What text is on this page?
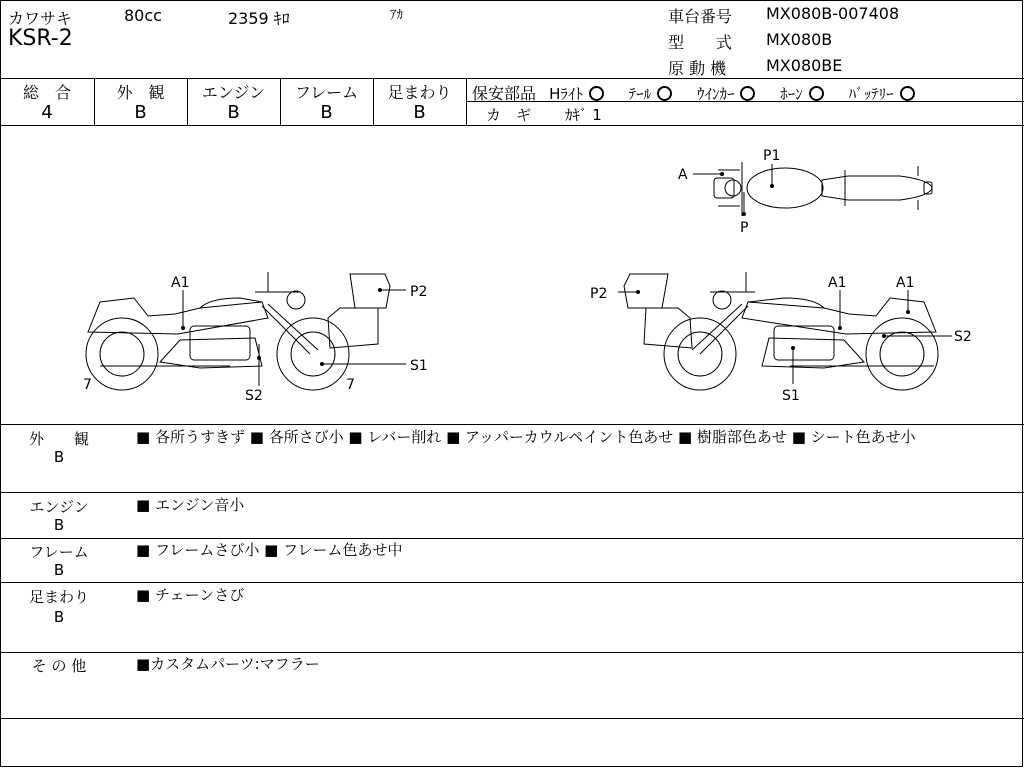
カワサキ	80cc	2359 ｷﾛ	ｱｶ
KSR-2
車台番号 MX080B-007408
型　　式 MX080B
原 動 機 MX080BE
総　合
4
外　観
B
エンジン
B
フレーム
B
足まわり
B
保安部品 Hﾗｲﾄ	ﾃｰﾙ	ｳｲﾝｶｰ	ﾎｰﾝ	ﾊﾞｯﾃﾘｰ
カ　ギ ｶｷﾞ 1
P1
A
P
A1
P2
7
S2
7
S1
P2
A1	A1
S2
S1
外　　観
B
■ 各所うすきず ■ 各所さび小 ■ レバー削れ ■ アッパーカウルペイント色あせ ■ 樹脂部色あせ ■ シート色あせ小
エンジン
B
■ エンジン音小
フレーム
B
■ フレームさび小 ■ フレーム色あせ中
足まわり
B
■ チェーンさび
そ の 他	■カスタムパーツ:マフラー
